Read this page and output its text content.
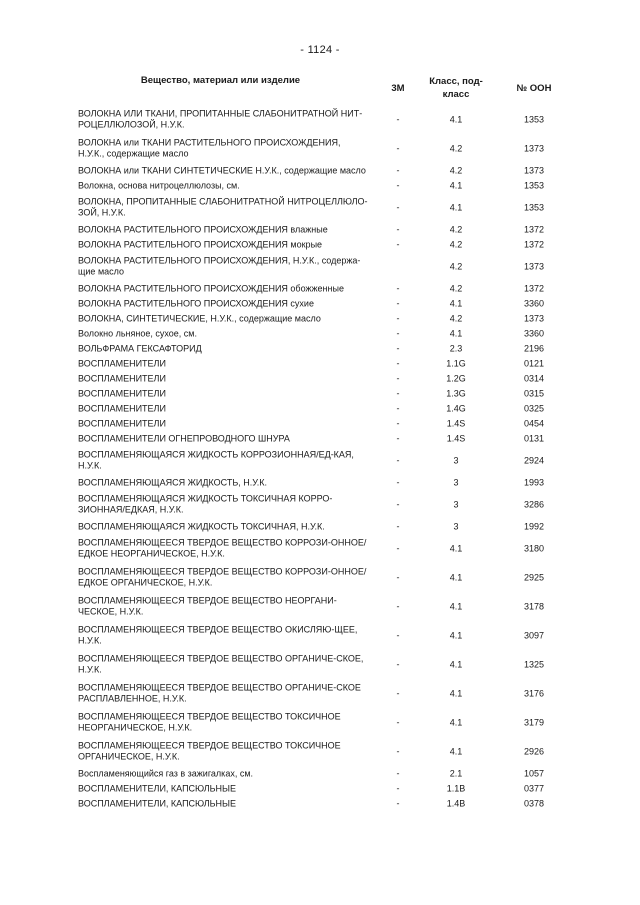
- 1124 -
Вещество, материал или изделие
3М
Класс, под-
класс
№ ООН
ВОЛОКНА ИЛИ ТКАНИ, ПРОПИТАННЫЕ СЛАБОНИТРАТНОЙ НИТ-РОЦЕЛЛЮЛОЗОЙ, Н.У.К.
-	4.1	1353
ВОЛОКНА или ТКАНИ РАСТИТЕЛЬНОГО ПРОИСХОЖДЕНИЯ, Н.У.К., содержащие масло
-	4.2	1373
ВОЛОКНА или ТКАНИ СИНТЕТИЧЕСКИЕ Н.У.К., содержащие масло	-	4.2	1373
Волокна, основа нитроцеллюлозы, см.	-	4.1	1353
ВОЛОКНА, ПРОПИТАННЫЕ СЛАБОНИТРАТНОЙ НИТРОЦЕЛЛЮЛО-ЗОЙ, Н.У.К.
-	4.1	1353
ВОЛОКНА РАСТИТЕЛЬНОГО ПРОИСХОЖДЕНИЯ влажные	-	4.2	1372
ВОЛОКНА РАСТИТЕЛЬНОГО ПРОИСХОЖДЕНИЯ мокрые	-	4.2	1372
ВОЛОКНА РАСТИТЕЛЬНОГО ПРОИСХОЖДЕНИЯ, Н.У.К., содержа-щие масло
4.2	1373
ВОЛОКНА РАСТИТЕЛЬНОГО ПРОИСХОЖДЕНИЯ обожженные	-	4.2	1372
ВОЛОКНА РАСТИТЕЛЬНОГО ПРОИСХОЖДЕНИЯ сухие	-	4.1	3360
ВОЛОКНА, СИНТЕТИЧЕСКИЕ, Н.У.К., содержащие масло	-	4.2	1373
Волокно льняное, сухое, см.	-	4.1	3360
ВОЛЬФРАМА ГЕКСАФТОРИД	-	2.3	2196
ВОСПЛАМЕНИТЕЛИ	-	1.1G	0121
ВОСПЛАМЕНИТЕЛИ	-	1.2G	0314
ВОСПЛАМЕНИТЕЛИ	-	1.3G	0315
ВОСПЛАМЕНИТЕЛИ	-	1.4G	0325
ВОСПЛАМЕНИТЕЛИ	-	1.4S	0454
ВОСПЛАМЕНИТЕЛИ ОГНЕПРОВОДНОГО ШНУРА	-	1.4S	0131
ВОСПЛАМЕНЯЮЩАЯСЯ ЖИДКОСТЬ КОРРОЗИОННАЯ/ЕД-КАЯ, Н.У.К.
-	3	2924
ВОСПЛАМЕНЯЮЩАЯСЯ ЖИДКОСТЬ, Н.У.К.	-	3	1993
ВОСПЛАМЕНЯЮЩАЯСЯ ЖИДКОСТЬ ТОКСИЧНАЯ КОРРО-ЗИОННАЯ/ЕДКАЯ, Н.У.К.
-	3	3286
ВОСПЛАМЕНЯЮЩАЯСЯ ЖИДКОСТЬ ТОКСИЧНАЯ, Н.У.К.	-	3	1992
ВОСПЛАМЕНЯЮЩЕЕСЯ ТВЕРДОЕ ВЕЩЕСТВО КОРРОЗИ-ОННОЕ/ЕДКОЕ НЕОРГАНИЧЕСКОЕ, Н.У.К.
-	4.1	3180
ВОСПЛАМЕНЯЮЩЕЕСЯ ТВЕРДОЕ ВЕЩЕСТВО КОРРОЗИ-ОННОЕ/ЕДКОЕ ОРГАНИЧЕСКОЕ, Н.У.К.
-	4.1	2925
ВОСПЛАМЕНЯЮЩЕЕСЯ ТВЕРДОЕ ВЕЩЕСТВО НЕОРГАНИ-ЧЕСКОЕ, Н.У.К.
-	4.1	3178
ВОСПЛАМЕНЯЮЩЕЕСЯ ТВЕРДОЕ ВЕЩЕСТВО ОКИСЛЯЮ-ЩЕЕ, Н.У.К.
-	4.1	3097
ВОСПЛАМЕНЯЮЩЕЕСЯ ТВЕРДОЕ ВЕЩЕСТВО ОРГАНИЧЕ-СКОЕ, Н.У.К.
-	4.1	1325
ВОСПЛАМЕНЯЮЩЕЕСЯ ТВЕРДОЕ ВЕЩЕСТВО ОРГАНИЧЕ-СКОЕ РАСПЛАВЛЕННОЕ, Н.У.К.
-	4.1	3176
ВОСПЛАМЕНЯЮЩЕЕСЯ ТВЕРДОЕ ВЕЩЕСТВО ТОКСИЧНОЕ НЕОРГАНИЧЕСКОЕ, Н.У.К.
-	4.1	3179
ВОСПЛАМЕНЯЮЩЕЕСЯ ТВЕРДОЕ ВЕЩЕСТВО ТОКСИЧНОЕ ОРГАНИЧЕСКОЕ, Н.У.К.
-	4.1	2926
Воспламеняющийся газ в зажигалках, см.	-	2.1	1057
ВОСПЛАМЕНИТЕЛИ, КАПСЮЛЬНЫЕ	-	1.1B	0377
ВОСПЛАМЕНИТЕЛИ, КАПСЮЛЬНЫЕ	-	1.4B	0378
